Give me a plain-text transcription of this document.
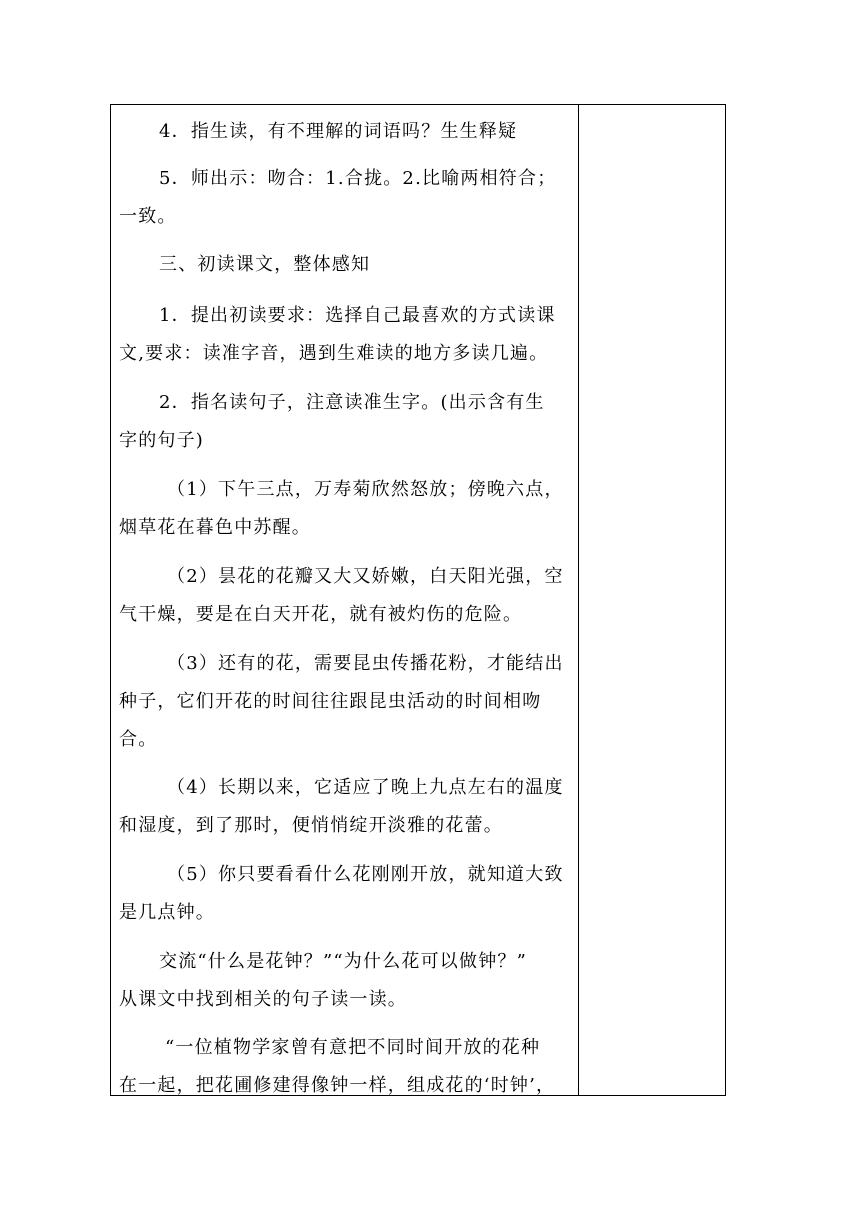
4．指生读，有不理解的词语吗？生生释疑

5．师出示：吻合：1.合拢。2.比喻两相符合；
一致。

三、初读课文，整体感知

1．提出初读要求：选择自己最喜欢的方式读课
文,要求：读准字音，遇到生难读的地方多读几遍。

2．指名读句子，注意读准生字。(出示含有生
字的句子)

（1）下午三点，万寿菊欣然怒放；傍晚六点，
烟草花在暮色中苏醒。

（2）昙花的花瓣又大又娇嫩，白天阳光强，空
气干燥，要是在白天开花，就有被灼伤的危险。

（3）还有的花，需要昆虫传播花粉，才能结出
种子，它们开花的时间往往跟昆虫活动的时间相吻
合。

（4）长期以来，它适应了晚上九点左右的温度
和湿度，到了那时，便悄悄绽开淡雅的花蕾。

（5）你只要看看什么花刚刚开放，就知道大致
是几点钟。

交流“什么是花钟？”“为什么花可以做钟？”
从课文中找到相关的句子读一读。

“一位植物学家曾有意把不同时间开放的花种
在一起，把花圃修建得像钟一样，组成花的‘时钟’，
